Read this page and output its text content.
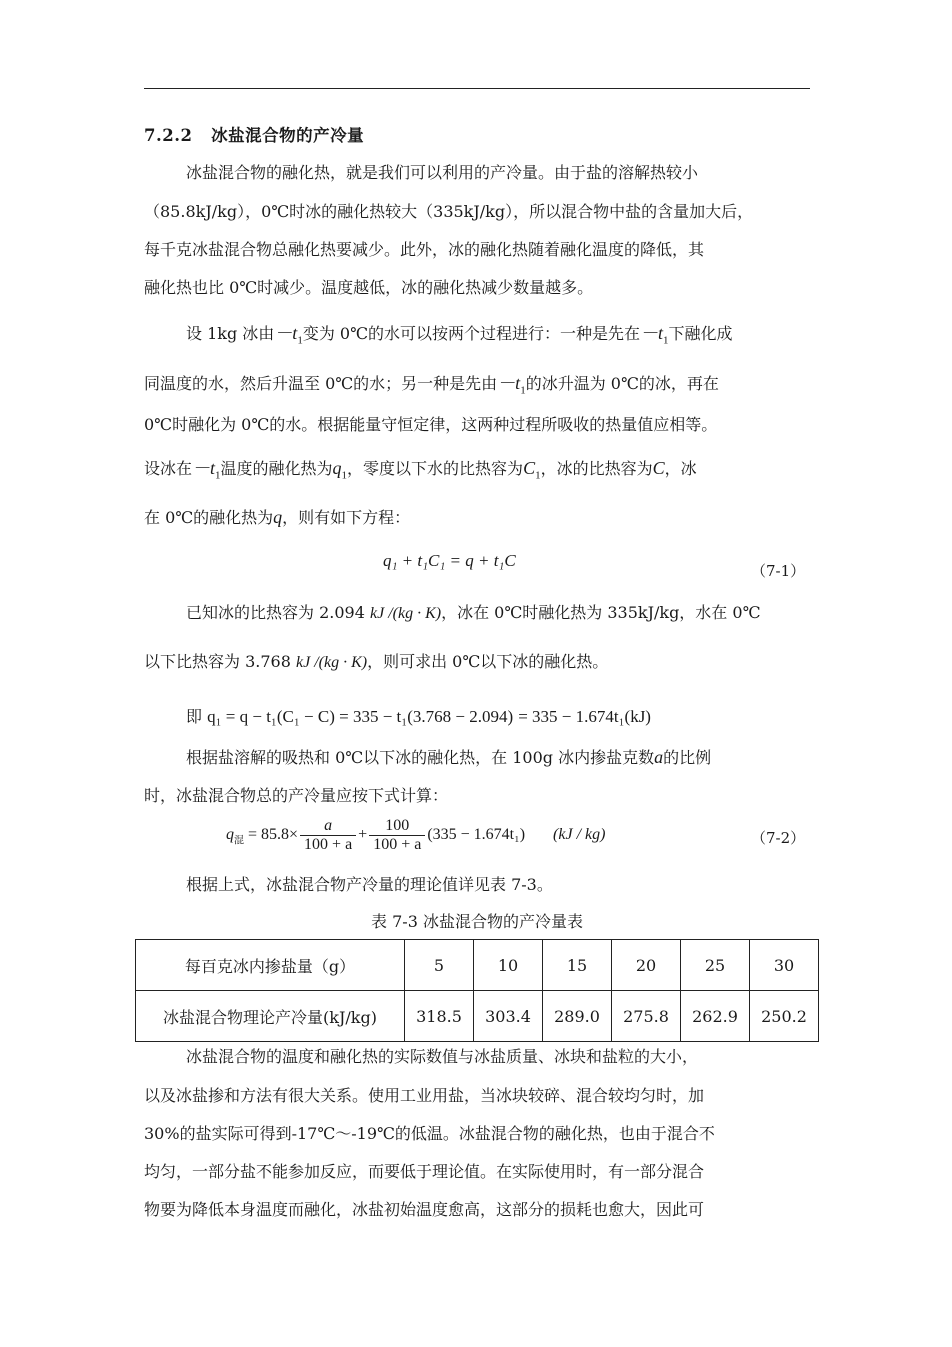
7.2.2 冰盐混合物的产冷量
冰盐混合物的融化热，就是我们可以利用的产冷量。由于盐的溶解热较小
（85.8kJ/kg），0℃时冰的融化热较大（335kJ/kg），所以混合物中盐的含量加大后，
每千克冰盐混合物总融化热要减少。此外，冰的融化热随着融化温度的降低，其
融化热也比 0℃时减少。温度越低，冰的融化热减少数量越多。
设 1kg 冰由$-t_1$变为 0℃的水可以按两个过程进行：一种是先在$-t_1$下融化成
同温度的水，然后升温至 0℃的水；另一种是先由$-t_1$的冰升温为 0℃的冰，再在
0℃时融化为 0℃的水。根据能量守恒定律，这两种过程所吸收的热量值应相等。
设冰在$-t_1$温度的融化热为$q_1$，零度以下水的比热容为$C_1$，冰的比热容为C，冰
在 0℃的融化热为q，则有如下方程：
q₁ + t₁C₁ = q + t₁C
（7-1）
已知冰的比热容为 2.094 kJ /(kg · K)，冰在 0℃时融化热为 335kJ/kg，水在 0℃
以下比热容为 3.768 kJ /(kg · K)，则可求出 0℃以下冰的融化热。
即 q₁ = q − t₁(C₁ − C) = 335 − t₁(3.768 − 2.094) = 335 − 1.674t₁(kJ)
根据盐溶解的吸热和 0℃以下冰的融化热，在 100g 冰内掺盐克数a的比例
时，冰盐混合物总的产冷量应按下式计算：
$q_混 = 85.8\times \frac{a}{100 + a} + \frac{100}{100 + a} (335 - 1.674t_1)$ (kJ / kg)	（7-2）
根据上式，冰盐混合物产冷量的理论值详见表 7-3。
表 7-3 冰盐混合物的产冷量表
每百克冰内掺盐量（g）	5	10	15	20	25	30
冰盐混合物理论产冷量(kJ/kg)	318.5	303.4	289.0	275.8	262.9	250.2
冰盐混合物的温度和融化热的实际数值与冰盐质量、冰块和盐粒的大小，
以及冰盐掺和方法有很大关系。使用工业用盐，当冰块较碎、混合较均匀时，加
30%的盐实际可得到-17℃～-19℃的低温。冰盐混合物的融化热，也由于混合不
均匀，一部分盐不能参加反应，而要低于理论值。在实际使用时，有一部分混合
物要为降低本身温度而融化，冰盐初始温度愈高，这部分的损耗也愈大，因此可
